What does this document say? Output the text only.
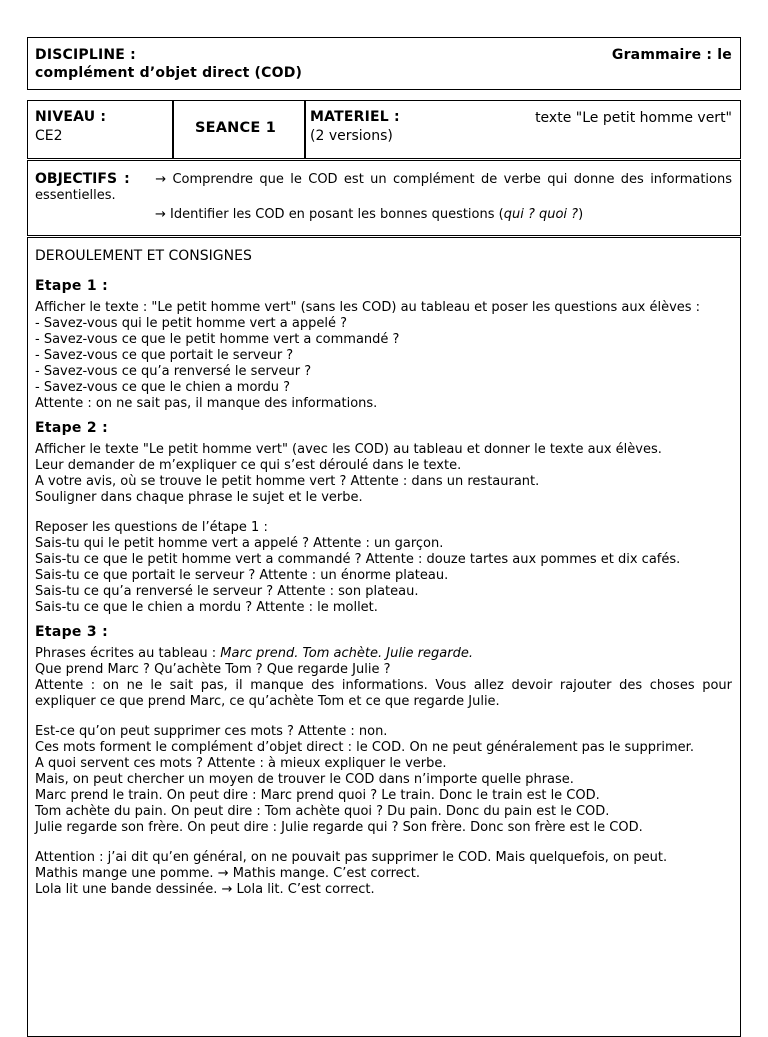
DISCIPLINE :	Grammaire : le
complément d’objet direct (COD)
NIVEAU :
CE2	SEANCE 1
MATERIEL :	texte "Le petit homme vert"
(2 versions)
OBJECTIFS : → Comprendre que le COD est un complément de verbe qui donne des informations essentielles.
→ Identifier les COD en posant les bonnes questions (qui ? quoi ?)
DEROULEMENT ET CONSIGNES
Etape 1 :
Afficher le texte : "Le petit homme vert" (sans les COD) au tableau et poser les questions aux élèves :
- Savez-vous qui le petit homme vert a appelé ?
- Savez-vous ce que le petit homme vert a commandé ?
- Savez-vous ce que portait le serveur ?
- Savez-vous ce qu’a renversé le serveur ?
- Savez-vous ce que le chien a mordu ?
Attente : on ne sait pas, il manque des informations.
Etape 2 :
Afficher le texte "Le petit homme vert" (avec les COD) au tableau et donner le texte aux élèves.
Leur demander de m’expliquer ce qui s’est déroulé dans le texte.
A votre avis, où se trouve le petit homme vert ? Attente : dans un restaurant.
Souligner dans chaque phrase le sujet et le verbe.
Reposer les questions de l’étape 1 :
Sais-tu qui le petit homme vert a appelé ? Attente : un garçon.
Sais-tu ce que le petit homme vert a commandé ? Attente : douze tartes aux pommes et dix cafés.
Sais-tu ce que portait le serveur ? Attente : un énorme plateau.
Sais-tu ce qu’a renversé le serveur ? Attente : son plateau.
Sais-tu ce que le chien a mordu ? Attente : le mollet.
Etape 3 :
Phrases écrites au tableau : Marc prend. Tom achète. Julie regarde.
Que prend Marc ? Qu’achète Tom ? Que regarde Julie ?
Attente : on ne le sait pas, il manque des informations. Vous allez devoir rajouter des choses pour expliquer ce que prend Marc, ce qu’achète Tom et ce que regarde Julie.
Est-ce qu’on peut supprimer ces mots ? Attente : non.
Ces mots forment le complément d’objet direct : le COD. On ne peut généralement pas le supprimer.
A quoi servent ces mots ? Attente : à mieux expliquer le verbe.
Mais, on peut chercher un moyen de trouver le COD dans n’importe quelle phrase.
Marc prend le train. On peut dire : Marc prend quoi ? Le train. Donc le train est le COD.
Tom achète du pain. On peut dire : Tom achète quoi ? Du pain. Donc du pain est le COD.
Julie regarde son frère. On peut dire : Julie regarde qui ? Son frère. Donc son frère est le COD.
Attention : j’ai dit qu’en général, on ne pouvait pas supprimer le COD. Mais quelquefois, on peut.
Mathis mange une pomme. → Mathis mange. C’est correct.
Lola lit une bande dessinée. → Lola lit. C’est correct.
